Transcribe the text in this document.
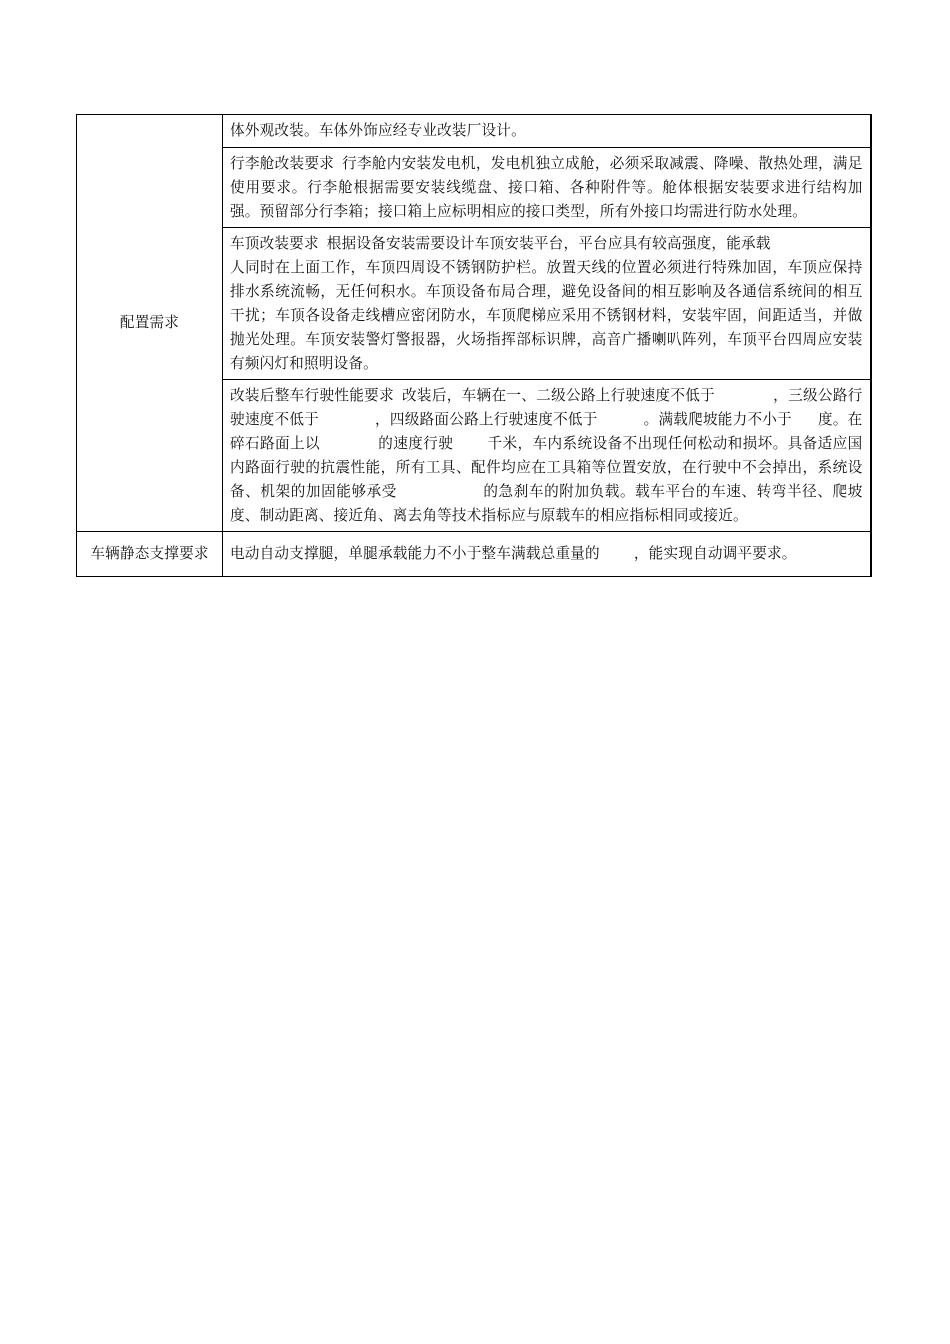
配置需求	体外观改装。车体外饰应经专业改装厂设计。
	行李舱改装要求 行李舱内安装发电机，发电机独立成舱，必须采取减震、降噪、散热处理，满足使用要求。行李舱根据需要安装线缆盘、接口箱、各种附件等。舱体根据安装要求进行结构加强。预留部分行李箱；接口箱上应标明相应的接口类型，所有外接口均需进行防水处理。

	车顶改装要求 根据设备安装需要设计车顶安装平台，平台应具有较高强度，能承载
人同时在上面工作，车顶四周设不锈钢防护栏。放置天线的位置必须进行特殊加固，车顶应保持排水系统流畅，无任何积水。车顶设备布局合理，避免设备间的相互影响及各通信系统间的相互干扰；车顶各设备走线槽应密闭防水，车顶爬梯应采用不锈钢材料，安装牢固，间距适当，并做抛光处理。车顶安装警灯警报器，火场指挥部标识牌，高音广播喇叭阵列，车顶平台四周应安装有频闪灯和照明设备。
	改装后整车行驶性能要求 改装后，车辆在一、二级公路上行驶速度不低于 ，三级公路行驶速度不低于 ，四级路面公路上行驶速度不低于 。满载爬坡能力不小于 度。在碎石路面上以 的速度行驶 千米，车内系统设备不出现任何松动和损坏。具备适应国内路面行驶的抗震性能，所有工具、配件均应在工具箱等位置安放，在行驶中不会掉出，系统设备、机架的加固能够承受 的急刹车的附加负载。载车平台的车速、转弯半径、爬坡度、制动距离、接近角、离去角等技术指标应与原载车的相应指标相同或接近。
车辆静态支撑要求	电动自动支撑腿，单腿承载能力不小于整车满载总重量的 ，能实现自动调平要求。
